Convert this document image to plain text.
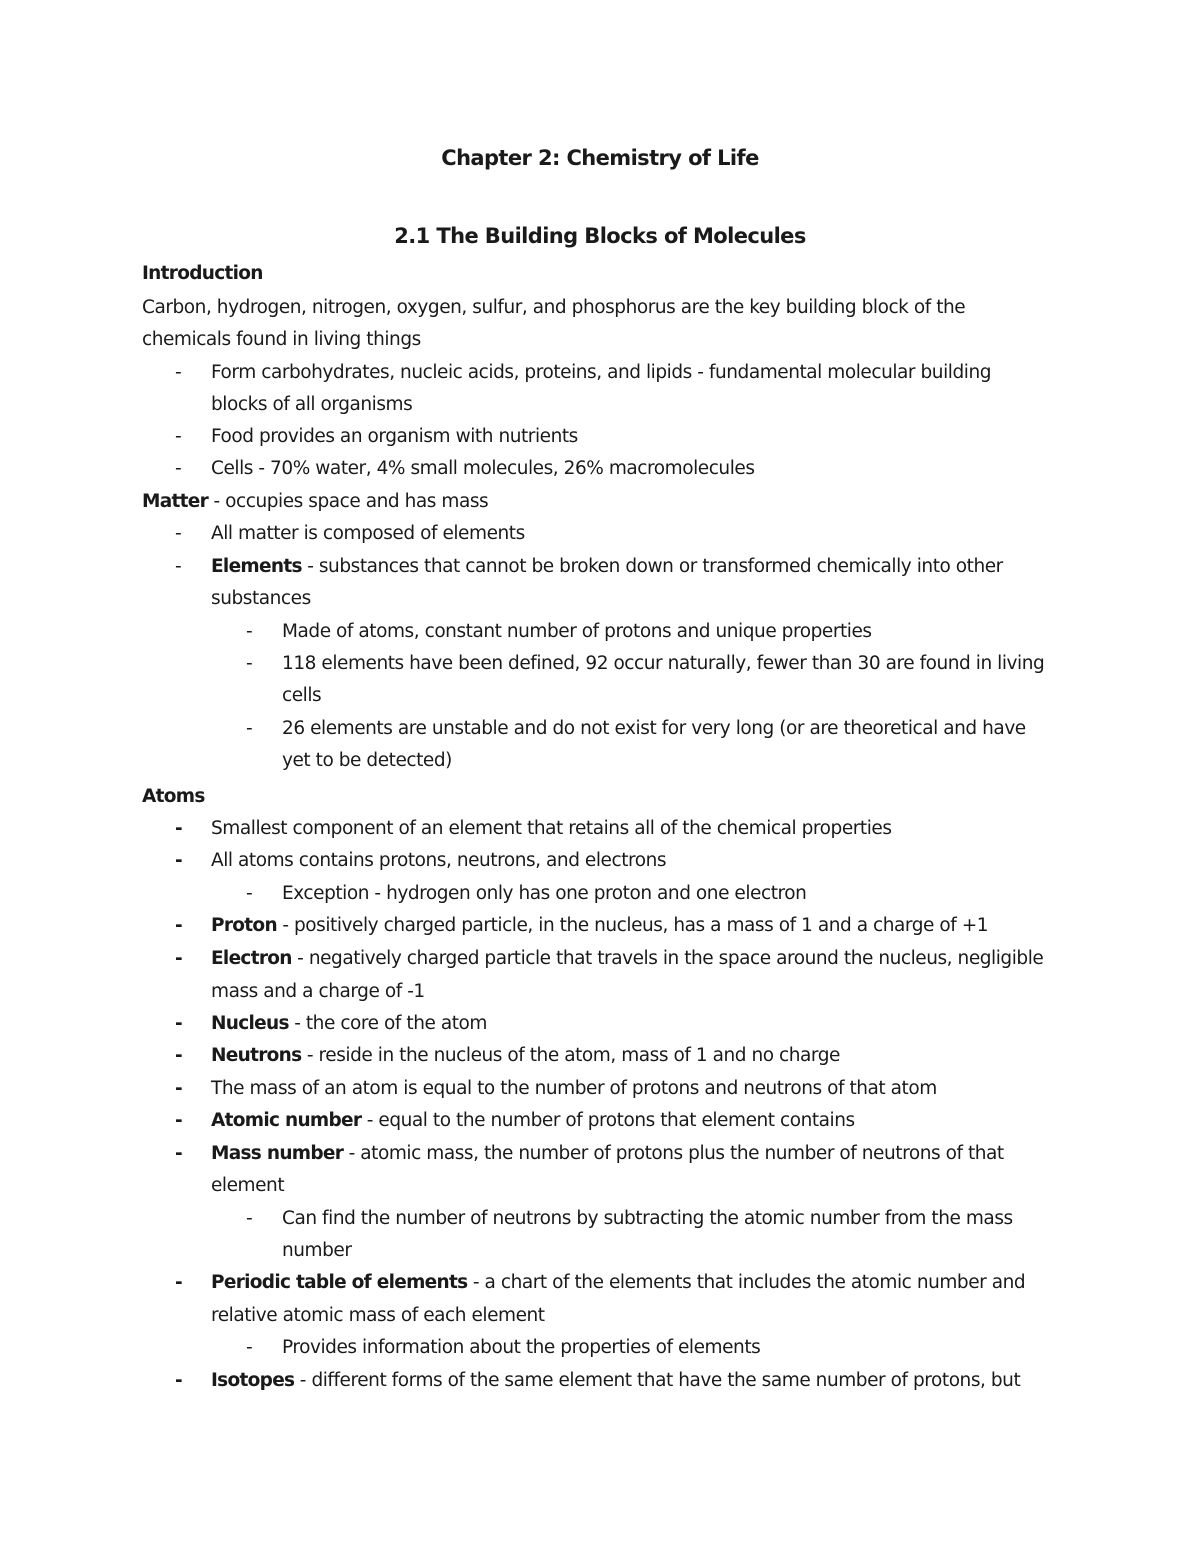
Chapter 2: Chemistry of Life
2.1 The Building Blocks of Molecules
Introduction
Carbon, hydrogen, nitrogen, oxygen, sulfur, and phosphorus are the key building block of the
chemicals found in living things
- Form carbohydrates, nucleic acids, proteins, and lipids - fundamental molecular building
blocks of all organisms
- Food provides an organism with nutrients
- Cells - 70% water, 4% small molecules, 26% macromolecules
Matter - occupies space and has mass
- All matter is composed of elements
- Elements - substances that cannot be broken down or transformed chemically into other
substances
- Made of atoms, constant number of protons and unique properties
- 118 elements have been defined, 92 occur naturally, fewer than 30 are found in living
cells
- 26 elements are unstable and do not exist for very long (or are theoretical and have
yet to be detected)
Atoms
- Smallest component of an element that retains all of the chemical properties
- All atoms contains protons, neutrons, and electrons
- Exception - hydrogen only has one proton and one electron
- Proton - positively charged particle, in the nucleus, has a mass of 1 and a charge of +1
- Electron - negatively charged particle that travels in the space around the nucleus, negligible
mass and a charge of -1
- Nucleus - the core of the atom
- Neutrons - reside in the nucleus of the atom, mass of 1 and no charge
- The mass of an atom is equal to the number of protons and neutrons of that atom
- Atomic number - equal to the number of protons that element contains
- Mass number - atomic mass, the number of protons plus the number of neutrons of that
element
- Can find the number of neutrons by subtracting the atomic number from the mass
number
- Periodic table of elements - a chart of the elements that includes the atomic number and
relative atomic mass of each element
- Provides information about the properties of elements
- Isotopes - different forms of the same element that have the same number of protons, but
